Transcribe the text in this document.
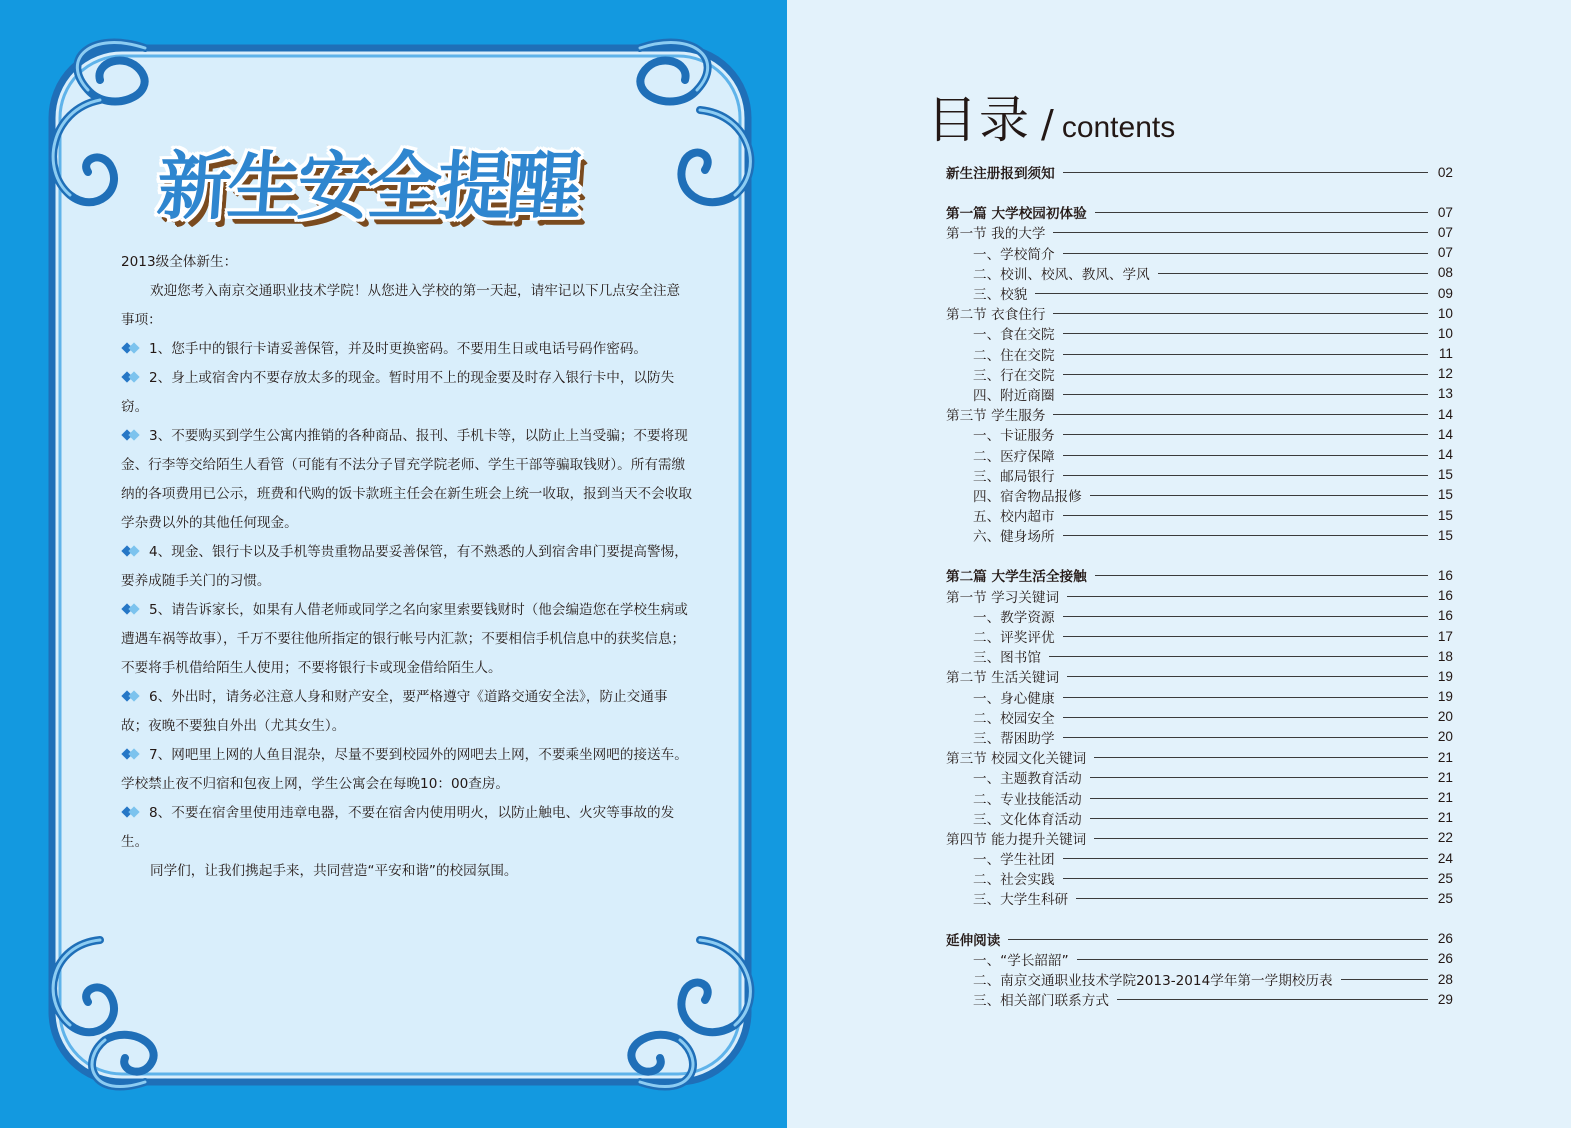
新生安全提醒

2013级全体新生：

欢迎您考入南京交通职业技术学院！从您进入学校的第一天起，请牢记以下几点安全注意事项：

1、您手中的银行卡请妥善保管，并及时更换密码。不要用生日或电话号码作密码。

2、身上或宿舍内不要存放太多的现金。暂时用不上的现金要及时存入银行卡中，以防失窃。

3、不要购买到学生公寓内推销的各种商品、报刊、手机卡等，以防止上当受骗；不要将现金、行李等交给陌生人看管（可能有不法分子冒充学院老师、学生干部等骗取钱财）。所有需缴纳的各项费用已公示，班费和代购的饭卡款班主任会在新生班会上统一收取，报到当天不会收取学杂费以外的其他任何现金。

4、现金、银行卡以及手机等贵重物品要妥善保管，有不熟悉的人到宿舍串门要提高警惕，要养成随手关门的习惯。

5、请告诉家长，如果有人借老师或同学之名向家里索要钱财时（他会编造您在学校生病或遭遇车祸等故事），千万不要往他所指定的银行帐号内汇款；不要相信手机信息中的获奖信息；不要将手机借给陌生人使用；不要将银行卡或现金借给陌生人。

6、外出时，请务必注意人身和财产安全，要严格遵守《道路交通安全法》，防止交通事故；夜晚不要独自外出（尤其女生）。

7、网吧里上网的人鱼目混杂，尽量不要到校园外的网吧去上网，不要乘坐网吧的接送车。学校禁止夜不归宿和包夜上网，学生公寓会在每晚10：00查房。

8、不要在宿舍里使用违章电器，不要在宿舍内使用明火，以防止触电、火灾等事故的发生。

同学们，让我们携起手来，共同营造“平安和谐”的校园氛围。

目录 / contents
新生注册报到须知	02
第一篇 大学校园初体验	07
第一节 我的大学	07
一、学校简介	07
二、校训、校风、教风、学风	08
三、校貌	09
第二节 衣食住行	10
一、食在交院	10
二、住在交院	11
三、行在交院	12
四、附近商圈	13
第三节 学生服务	14
一、卡证服务	14
二、医疗保障	14
三、邮局银行	15
四、宿舍物品报修	15
五、校内超市	15
六、健身场所	15
第二篇 大学生活全接触	16
第一节 学习关键词	16
一、教学资源	16
二、评奖评优	17
三、图书馆	18
第二节 生活关键词	19
一、身心健康	19
二、校园安全	20
三、帮困助学	20
第三节 校园文化关键词	21
一、主题教育活动	21
二、专业技能活动	21
三、文化体育活动	21
第四节 能力提升关键词	22
一、学生社团	24
二、社会实践	25
三、大学生科研	25
延伸阅读	26
一、“学长韶韶”	26
二、南京交通职业技术学院2013-2014学年第一学期校历表	28
三、相关部门联系方式	29
